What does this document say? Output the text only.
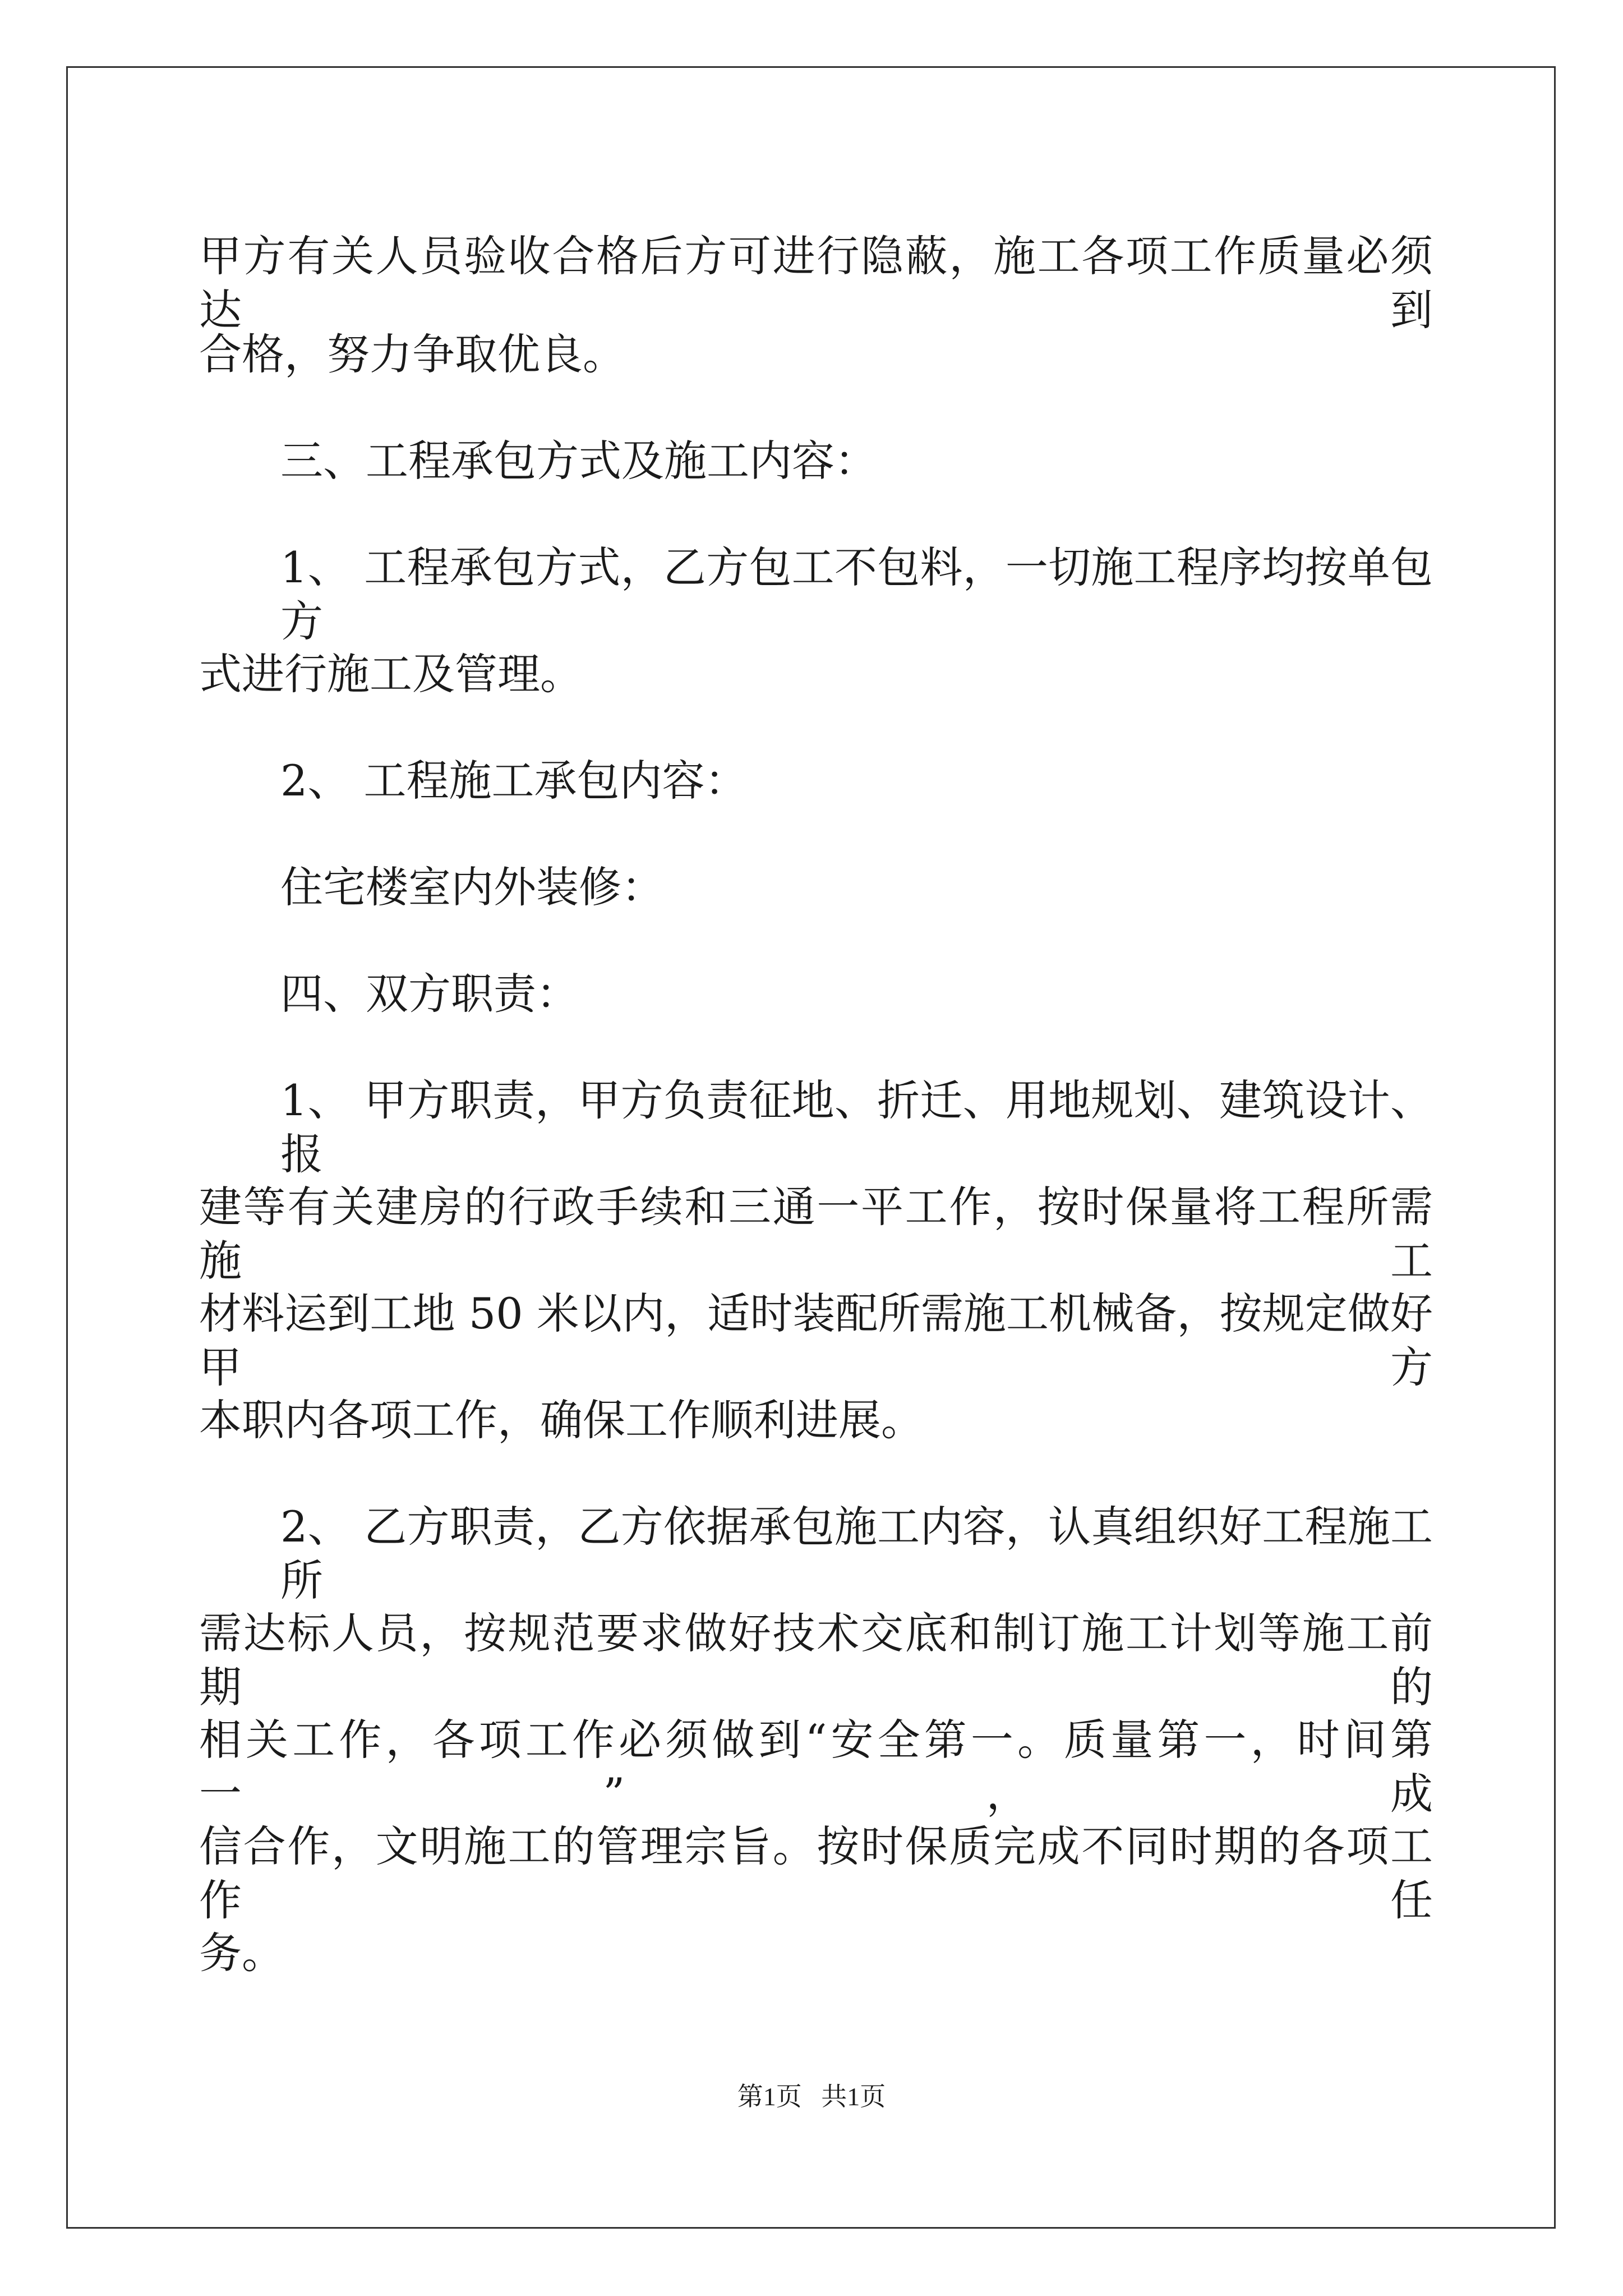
甲方有关人员验收合格后方可进行隐蔽，施工各项工作质量必须达到
合格，努力争取优良。
三、工程承包方式及施工内容：
1、 工程承包方式，乙方包工不包料，一切施工程序均按单包方
式进行施工及管理。
2、 工程施工承包内容：
住宅楼室内外装修：
四、双方职责：
1、 甲方职责，甲方负责征地、折迁、用地规划、建筑设计、报
建等有关建房的行政手续和三通一平工作，按时保量将工程所需施工
材料运到工地 50 米以内，适时装配所需施工机械备，按规定做好甲方
本职内各项工作，确保工作顺利进展。
2、 乙方职责，乙方依据承包施工内容，认真组织好工程施工所
需达标人员，按规范要求做好技术交底和制订施工计划等施工前期的
相关工作，各项工作必须做到“安全第一。质量第一，时间第一”，成
信合作，文明施工的管理宗旨。按时保质完成不同时期的各项工作任
务。
第1页 共1页
